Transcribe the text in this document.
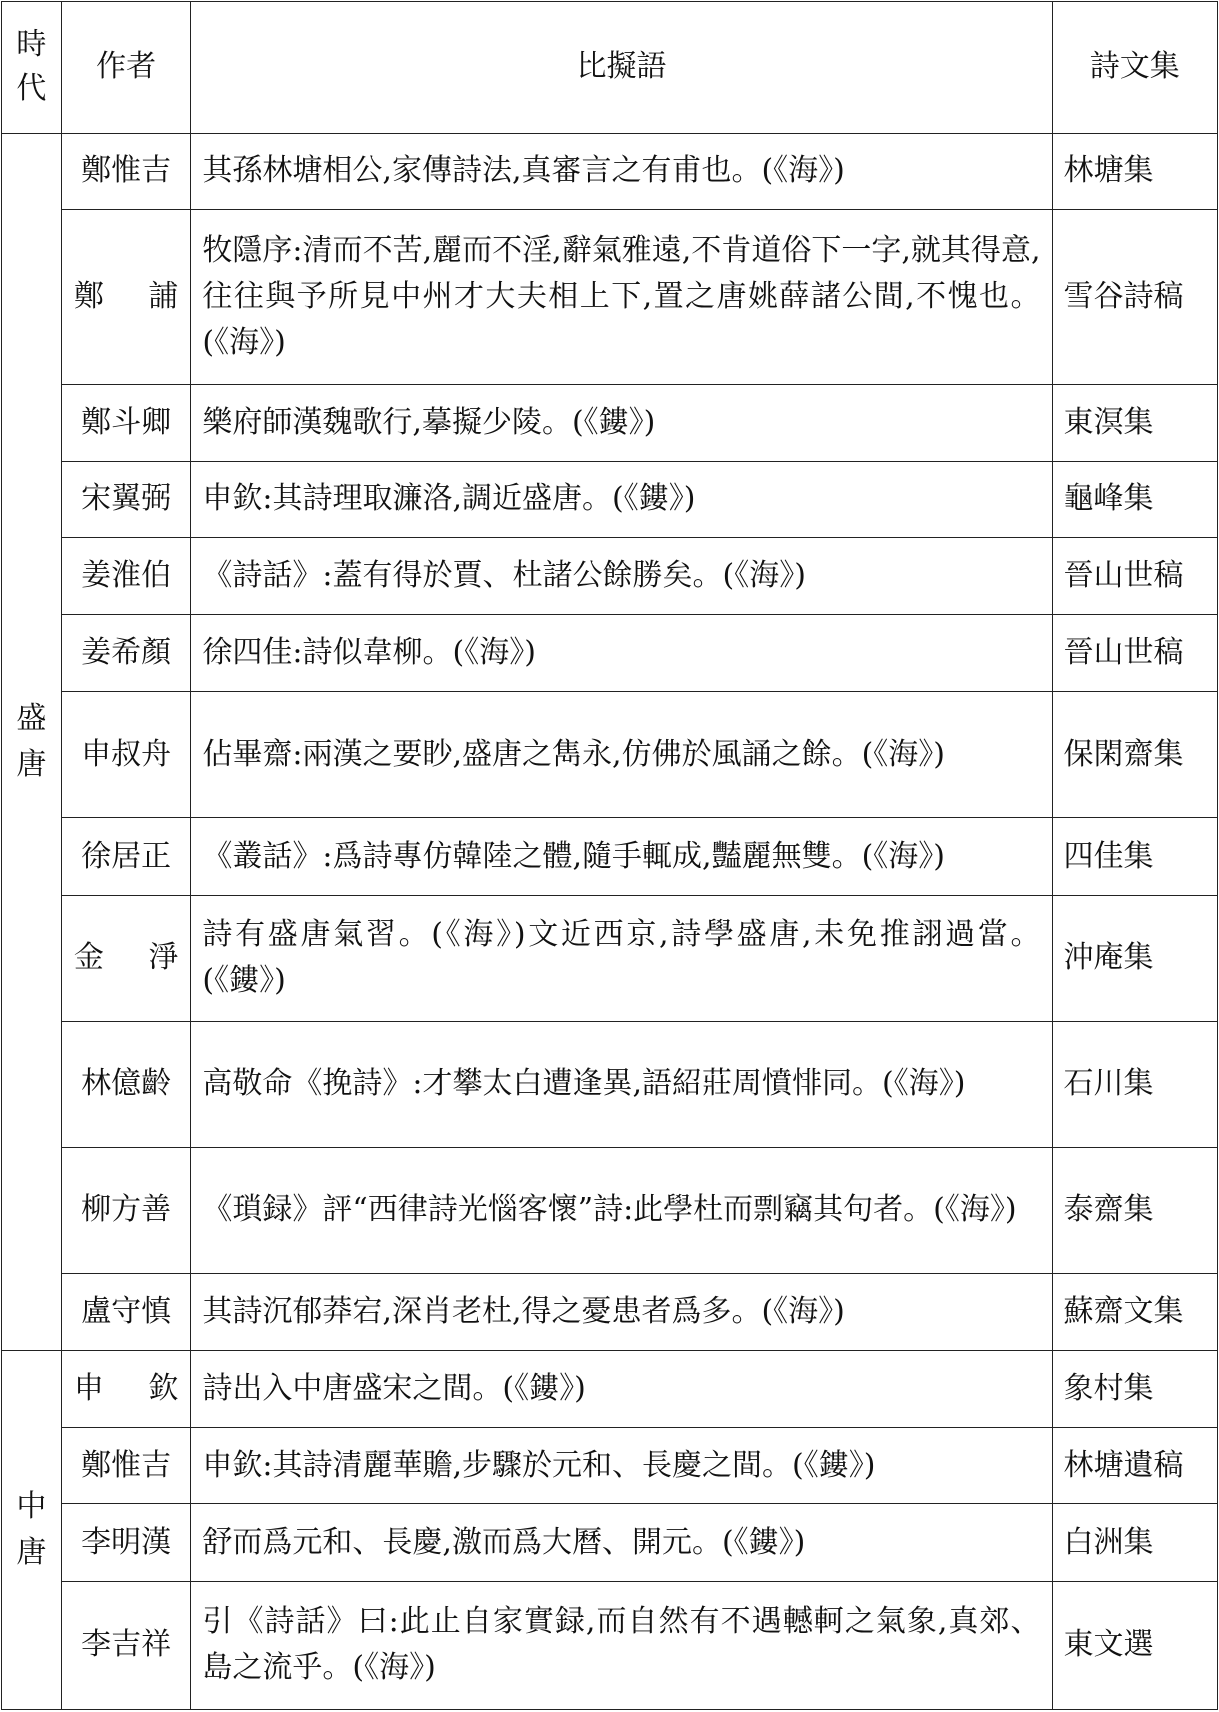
時
代	作者	比擬語	詩文集

盛
唐	鄭惟吉	其孫林塘相公,家傳詩法,真審言之有甫也。(《海》)	林塘集
	鄭　誧	牧隱序:清而不苦,麗而不淫,辭氣雅遠,不肯道俗下一字,就其得意,往往與予所見中州才大夫相上下,置之唐姚薛諸公間,不愧也。(《海》)	雪谷詩稿
	鄭斗卿	樂府師漢魏歌行,摹擬少陵。(《鏤》)	東溟集
	宋翼弼	申欽:其詩理取濂洛,調近盛唐。(《鏤》)	龜峰集
	姜淮伯	《詩話》:蓋有得於賈、杜諸公餘勝矣。(《海》)	晉山世稿
	姜希顏	徐四佳:詩似韋柳。(《海》)	晉山世稿
	申叔舟	佔畢齋:兩漢之要眇,盛唐之雋永,仿佛於風誦之餘。(《海》)	保閑齋集
	徐居正	《叢話》:爲詩專仿韓陸之體,隨手輒成,豔麗無雙。(《海》)	四佳集
	金　淨	詩有盛唐氣習。(《海》)文近西京,詩學盛唐,未免推詡過當。(《鏤》)	沖庵集
	林億齡	高敬命《挽詩》:才攀太白遭逢異,語紹莊周憤悱同。(《海》)	石川集
	柳方善	《瑣録》評“西律詩光惱客懷”詩:此學杜而剽竊其句者。(《海》)	泰齋集
	盧守慎	其詩沉郁莽宕,深肖老杜,得之憂患者爲多。(《海》)	蘇齋文集

中
唐	申　欽	詩出入中唐盛宋之間。(《鏤》)	象村集
	鄭惟吉	申欽:其詩清麗華贍,步驟於元和、長慶之間。(《鏤》)	林塘遺稿
	李明漢	舒而爲元和、長慶,激而爲大曆、開元。(《鏤》)	白洲集
	李吉祥	引《詩話》曰:此止自家實録,而自然有不遇轗軻之氣象,真郊、島之流乎。(《海》)	東文選
